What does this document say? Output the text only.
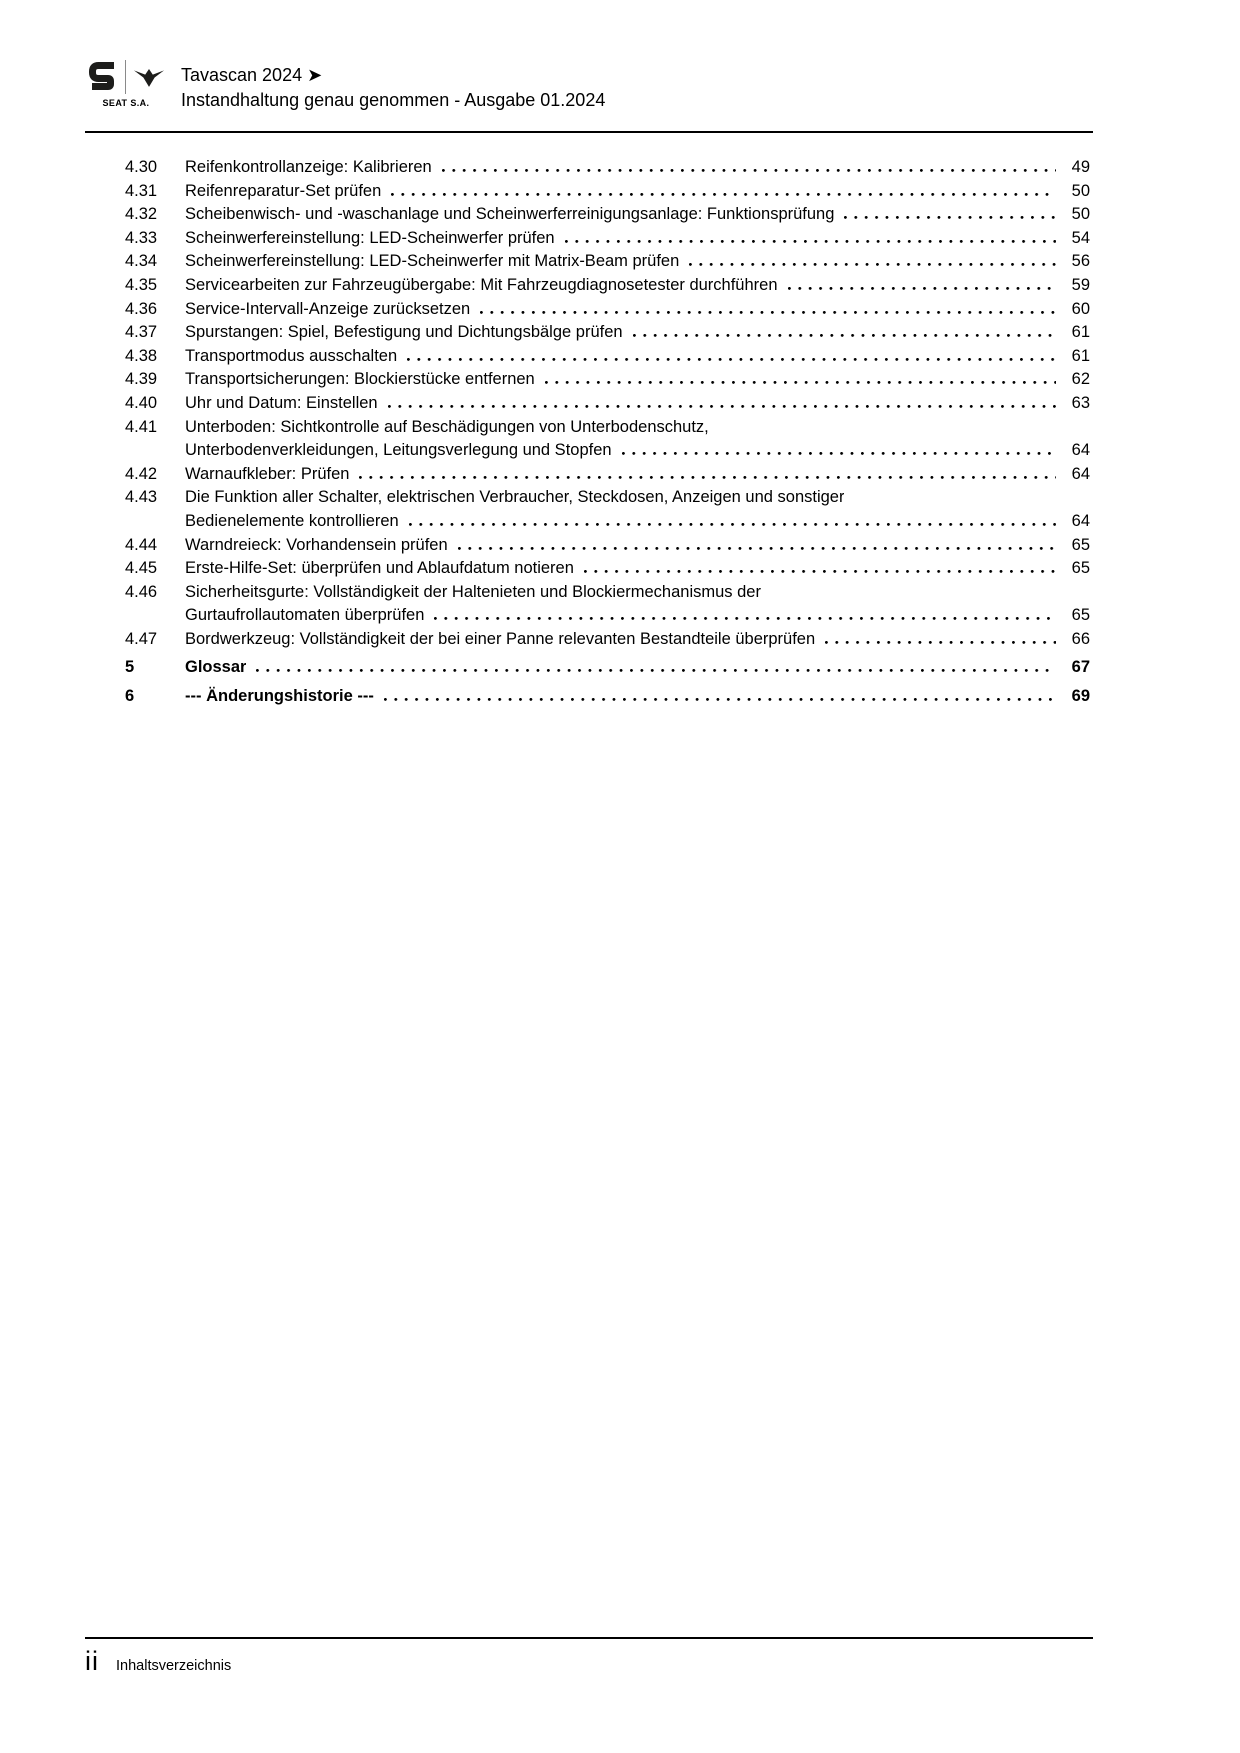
SEAT S.A.
Tavascan 2024 ➤
Instandhaltung genau genommen - Ausgabe 01.2024
4.30	Reifenkontrollanzeige: Kalibrieren	49
4.31	Reifenreparatur-Set prüfen	50
4.32	Scheibenwisch- und -waschanlage und Scheinwerferreinigungsanlage: Funktionsprüfung	50
4.33	Scheinwerfereinstellung: LED-Scheinwerfer prüfen	54
4.34	Scheinwerfereinstellung: LED-Scheinwerfer mit Matrix-Beam prüfen	56
4.35	Servicearbeiten zur Fahrzeugübergabe: Mit Fahrzeugdiagnosetester durchführen	59
4.36	Service-Intervall-Anzeige zurücksetzen	60
4.37	Spurstangen: Spiel, Befestigung und Dichtungsbälge prüfen	61
4.38	Transportmodus ausschalten	61
4.39	Transportsicherungen: Blockierstücke entfernen	62
4.40	Uhr und Datum: Einstellen	63
4.41	Unterboden: Sichtkontrolle auf Beschädigungen von Unterbodenschutz,
Unterbodenverkleidungen, Leitungsverlegung und Stopfen	64
4.42	Warnaufkleber: Prüfen	64
4.43	Die Funktion aller Schalter, elektrischen Verbraucher, Steckdosen, Anzeigen und sonstiger
Bedienelemente kontrollieren	64
4.44	Warndreieck: Vorhandensein prüfen	65
4.45	Erste-Hilfe-Set: überprüfen und Ablaufdatum notieren	65
4.46	Sicherheitsgurte: Vollständigkeit der Haltenieten und Blockiermechanismus der
Gurtaufrollautomaten überprüfen	65
4.47	Bordwerkzeug: Vollständigkeit der bei einer Panne relevanten Bestandteile überprüfen	66
5	Glossar	67
6	--- Änderungshistorie ---	69
ii Inhaltsverzeichnis
